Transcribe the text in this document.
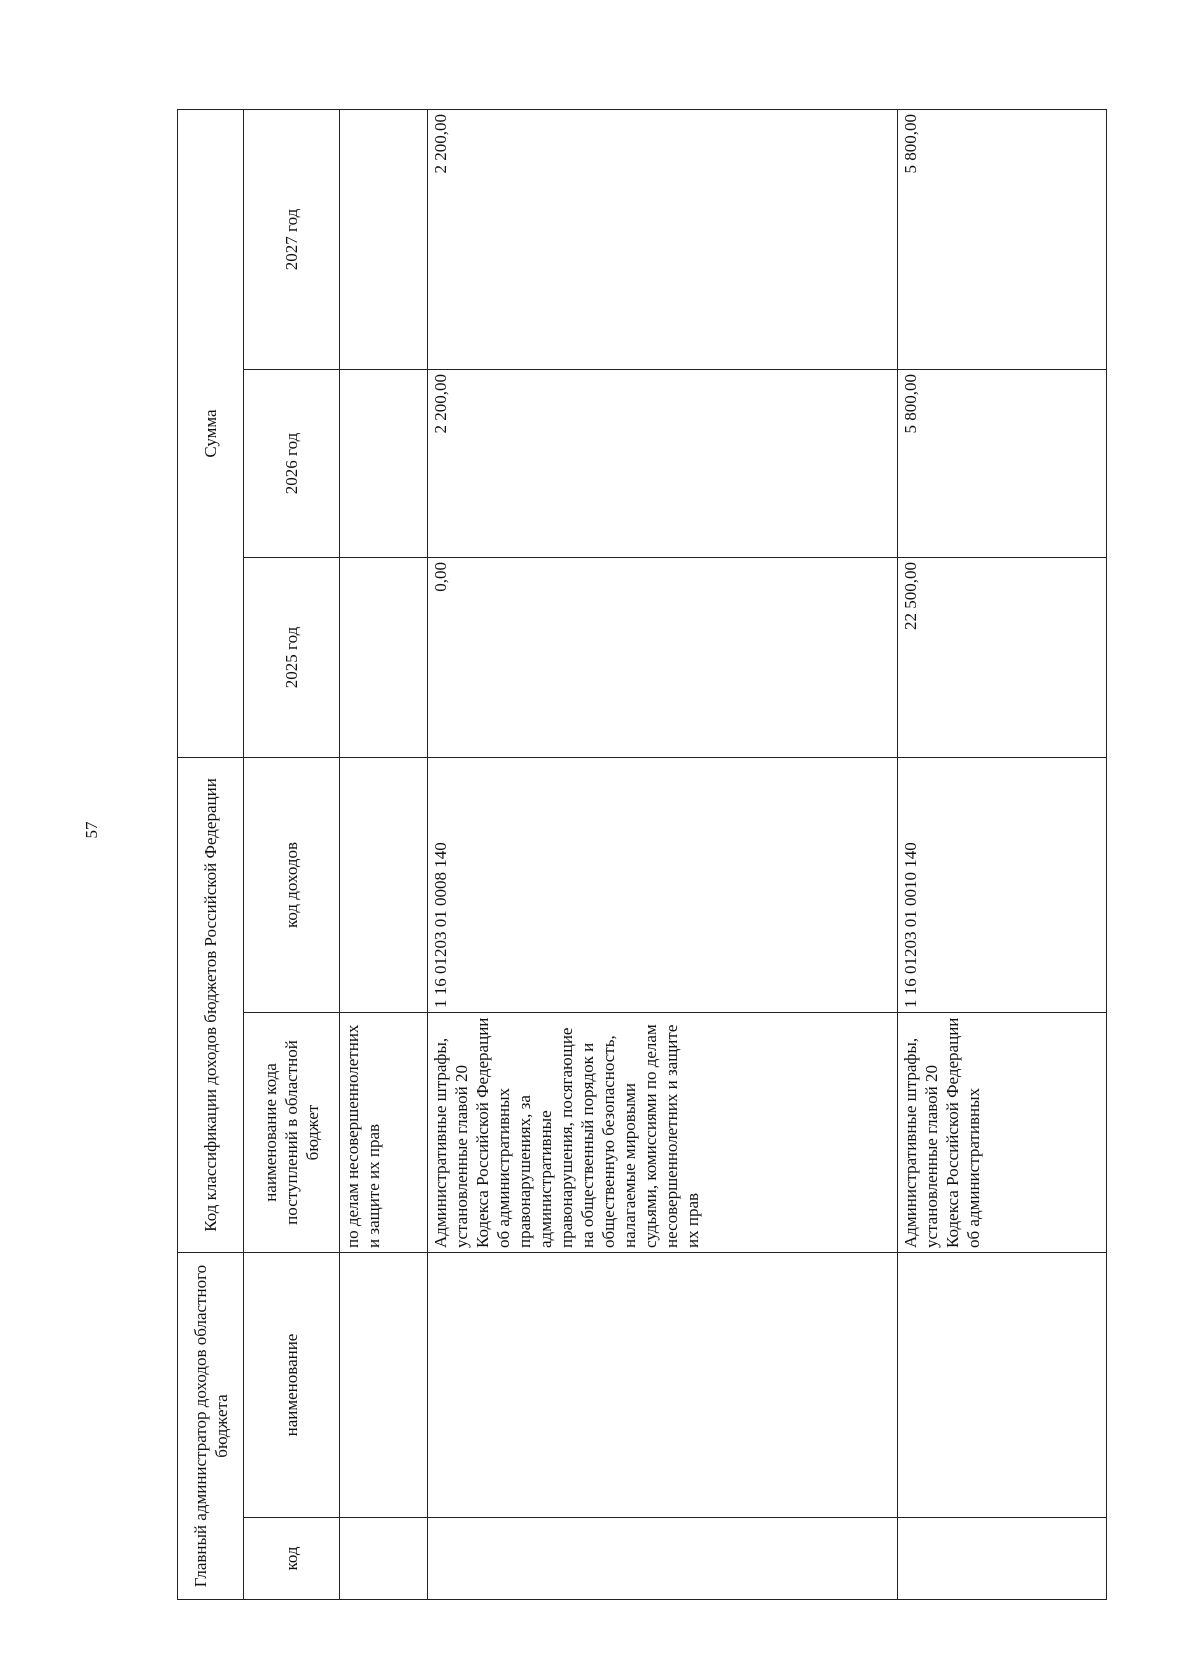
57
Главный администратор доходов областного бюджета		Код классификации доходов бюджетов Российской Федерации		Сумма		
код	наименование	наименование кода поступлений в областной бюджет	код доходов	2025 год	2026 год	2027 год
		по делам несовершеннолетних и защите их прав				
		Административные штрафы, установленные главой 20 Кодекса Российской Федерации об административных правонарушениях, за административные правонарушения, посягающие на общественный порядок и общественную безопасность, налагаемые мировыми судьями, комиссиями по делам несовершеннолетних и защите их прав	1 16 01203 01 0008 140	0,00	2 200,00	2 200,00
		Административные штрафы, установленные главой 20 Кодекса Российской Федерации об административных	1 16 01203 01 0010 140	22 500,00	5 800,00	5 800,00
